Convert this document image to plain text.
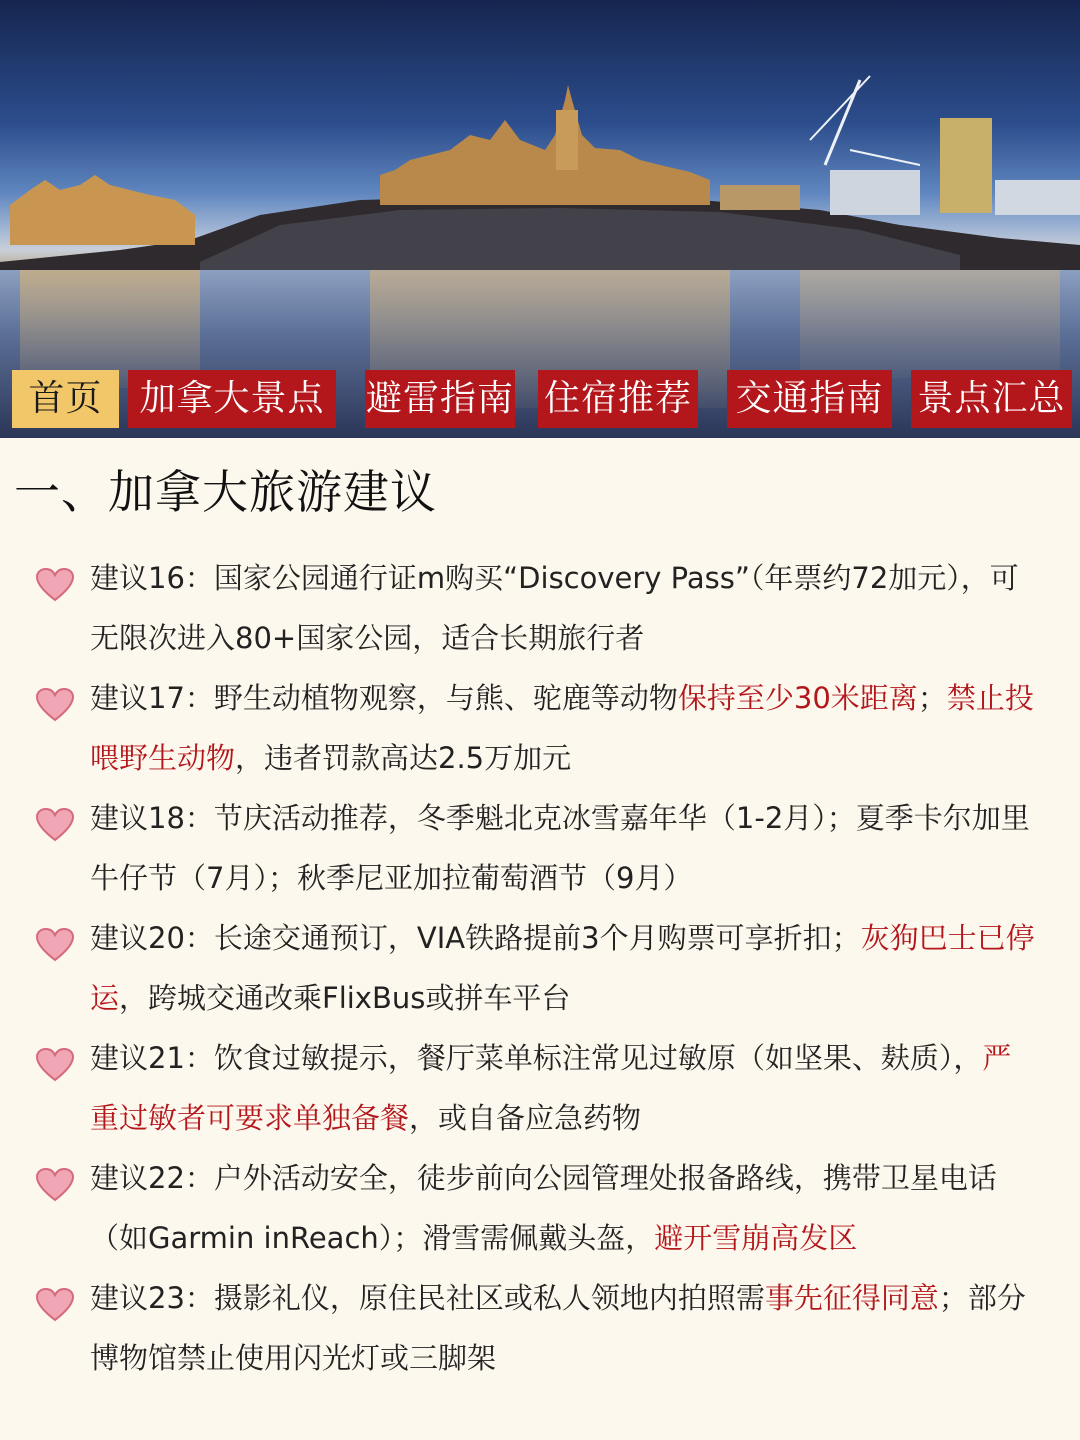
首页	加拿大景点	避雷指南 住宿推荐 交通指南 景点汇总
一、加拿大旅游建议
建议16：国家公园通行证m购买“Discovery Pass”（年票约72加元），可无限次进入80+国家公园，适合长期旅行者
建议17：野生动植物观察，与熊、驼鹿等动物保持至少30米距离；禁止投喂野生动物，违者罚款高达2.5万加元
建议18：节庆活动推荐，冬季魁北克冰雪嘉年华（1-2月）；夏季卡尔加里牛仔节（7月）；秋季尼亚加拉葡萄酒节（9月）
建议20：长途交通预订，VIA铁路提前3个月购票可享折扣；灰狗巴士已停运，跨城交通改乘FlixBus或拼车平台
建议21：饮食过敏提示，餐厅菜单标注常见过敏原（如坚果、麸质），严重过敏者可要求单独备餐，或自备应急药物
建议22：户外活动安全，徒步前向公园管理处报备路线，携带卫星电话（如Garmin inReach）；滑雪需佩戴头盔，避开雪崩高发区
建议23：摄影礼仪，原住民社区或私人领地内拍照需事先征得同意；部分博物馆禁止使用闪光灯或三脚架
